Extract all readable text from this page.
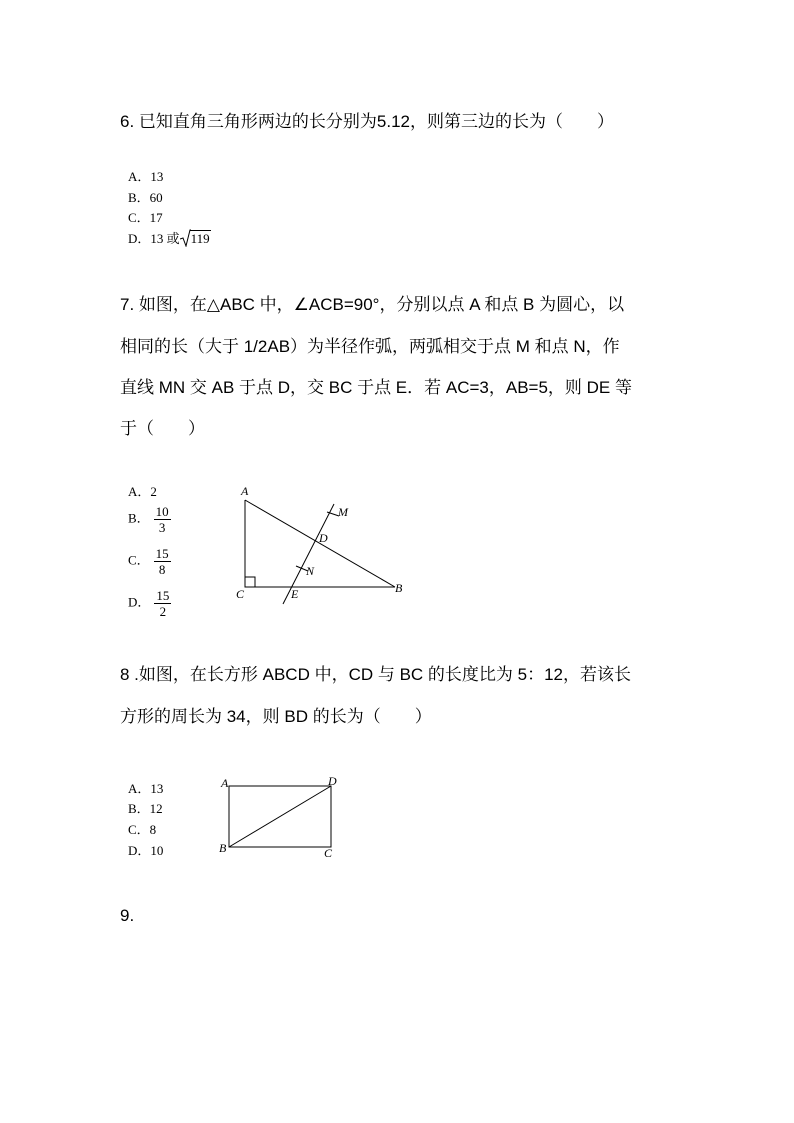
6. 已知直角三角形两边的长分别为5.12，则第三边的长为（　　）
A．13
B．60
C．17
D．13 或 119
7. 如图，在△ABC 中，∠ACB=90°，分别以点 A 和点 B 为圆心，以
相同的长（大于 1/2AB）为半径作弧，两弧相交于点 M 和点 N，作
直线 MN 交 AB 于点 D，交 BC 于点 E．若 AC=3，AB=5，则 DE 等
于（　　）
A．2
B． $\frac{10}{3}$
C． $\frac{15}{8}$
D． $\frac{15}{2}$
A
M
D
N
C	E	B
8 .如图，在长方形 ABCD 中，CD 与 BC 的长度比为 5：12，若该长
方形的周长为 34，则 BD 的长为（　　）
A．13
B．12
C．8
D．10
A	D
B	C
9.
